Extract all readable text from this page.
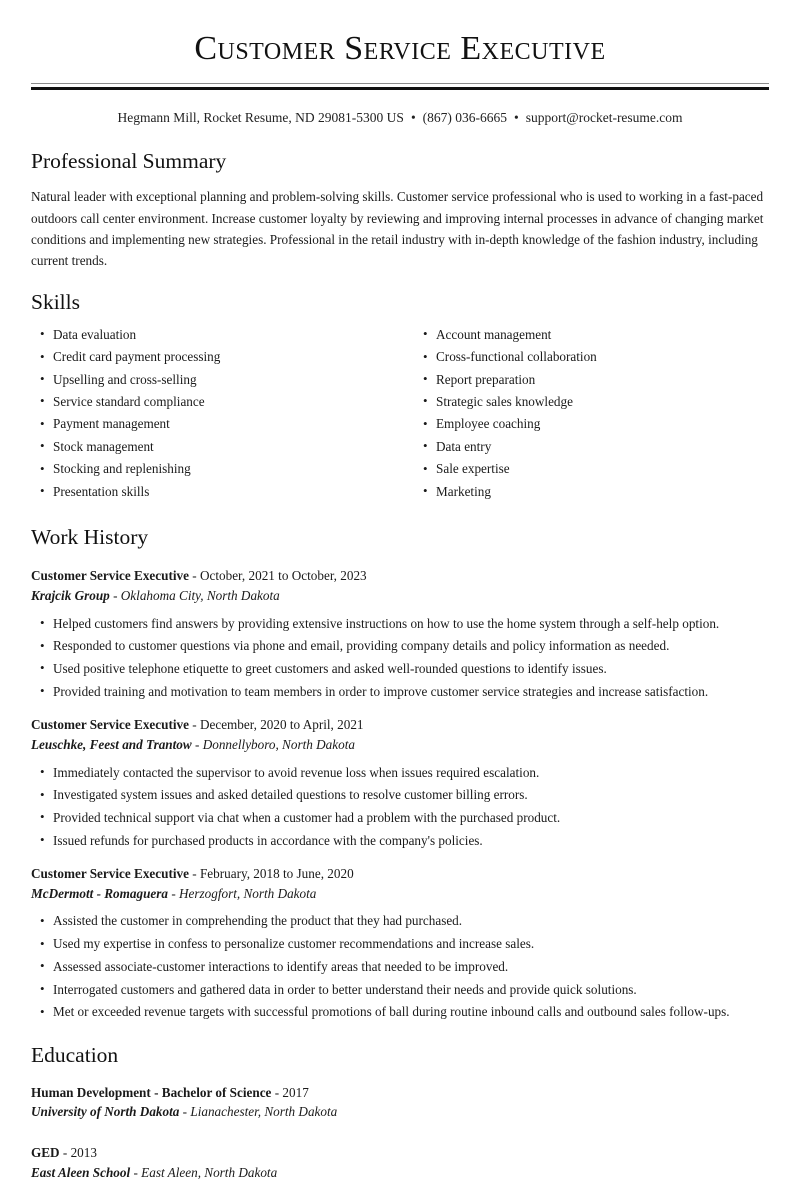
Customer Service Executive
Hegmann Mill, Rocket Resume, ND 29081-5300 US • (867) 036-6665 • support@rocket-resume.com
Professional Summary

Natural leader with exceptional planning and problem-solving skills. Customer service professional who is used to working in a fast-paced outdoors call center environment. Increase customer loyalty by reviewing and improving internal processes in advance of changing market conditions and implementing new strategies. Professional in the retail industry with in-depth knowledge of the fashion industry, including current trends.

Skills
• Data evaluation
• Credit card payment processing
• Upselling and cross-selling
• Service standard compliance
• Payment management
• Stock management
• Stocking and replenishing
• Presentation skills
• Account management
• Cross-functional collaboration
• Report preparation
• Strategic sales knowledge
• Employee coaching
• Data entry
• Sale expertise
• Marketing
Work History
Customer Service Executive - October, 2021 to October, 2023
Krajcik Group - Oklahoma City, North Dakota
• Helped customers find answers by providing extensive instructions on how to use the home system through a self-help option.
• Responded to customer questions via phone and email, providing company details and policy information as needed.
• Used positive telephone etiquette to greet customers and asked well-rounded questions to identify issues.
• Provided training and motivation to team members in order to improve customer service strategies and increase satisfaction.
Customer Service Executive - December, 2020 to April, 2021
Leuschke, Feest and Trantow - Donnellyboro, North Dakota
• Immediately contacted the supervisor to avoid revenue loss when issues required escalation.
• Investigated system issues and asked detailed questions to resolve customer billing errors.
• Provided technical support via chat when a customer had a problem with the purchased product.
• Issued refunds for purchased products in accordance with the company's policies.
Customer Service Executive - February, 2018 to June, 2020
McDermott - Romaguera - Herzogfort, North Dakota
• Assisted the customer in comprehending the product that they had purchased.
• Used my expertise in confess to personalize customer recommendations and increase sales.
• Assessed associate-customer interactions to identify areas that needed to be improved.
• Interrogated customers and gathered data in order to better understand their needs and provide quick solutions.
• Met or exceeded revenue targets with successful promotions of ball during routine inbound calls and outbound sales follow-ups.
Education
Human Development - Bachelor of Science - 2017
University of North Dakota - Lianachester, North Dakota
GED - 2013
East Aleen School - East Aleen, North Dakota
